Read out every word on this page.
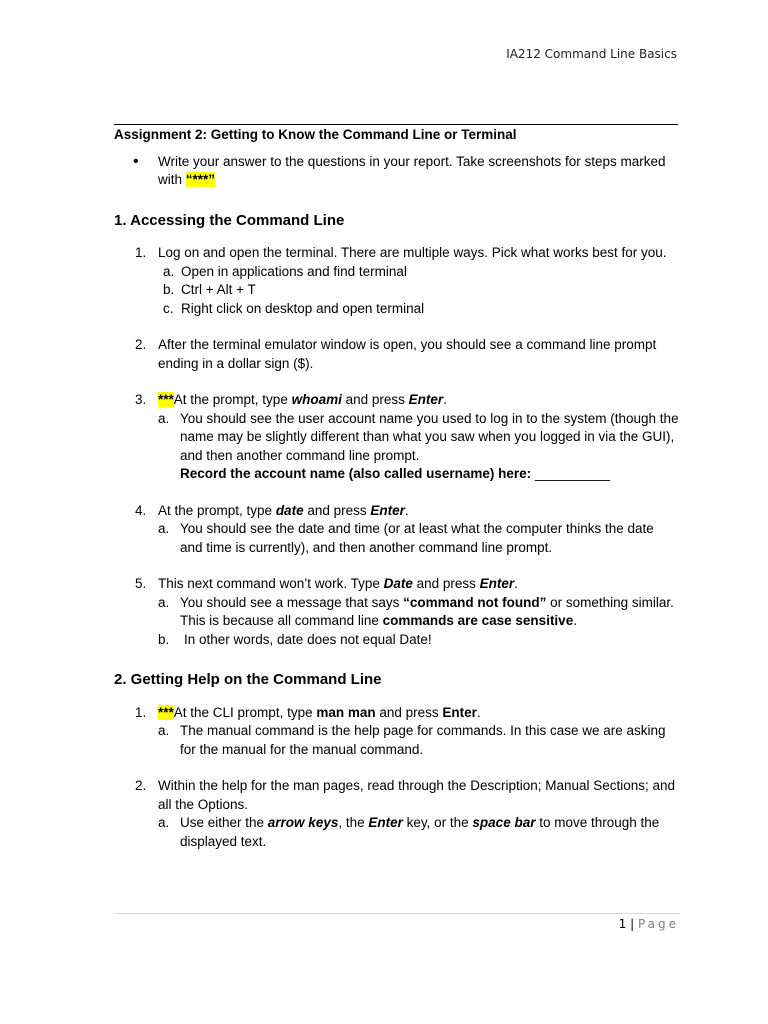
IA212 Command Line Basics
Assignment 2: Getting to Know the Command Line or Terminal
• Write your answer to the questions in your report. Take screenshots for steps marked with “***”
1. Accessing the Command Line
1. Log on and open the terminal. There are multiple ways. Pick what works best for you.
a. Open in applications and find terminal
b. Ctrl + Alt + T
c. Right click on desktop and open terminal
2. After the terminal emulator window is open, you should see a command line prompt ending in a dollar sign ($).
3. ***At the prompt, type whoami and press Enter.
a. You should see the user account name you used to log in to the system (though the name may be slightly different than what you saw when you logged in via the GUI), and then another command line prompt.
Record the account name (also called username) here: __________
4. At the prompt, type date and press Enter.
a. You should see the date and time (or at least what the computer thinks the date and time is currently), and then another command line prompt.
5. This next command won’t work. Type Date and press Enter.
a. You should see a message that says “command not found” or something similar. This is because all command line commands are case sensitive.
b. In other words, date does not equal Date!
2. Getting Help on the Command Line
1. ***At the CLI prompt, type man man and press Enter.
a. The manual command is the help page for commands. In this case we are asking for the manual for the manual command.
2. Within the help for the man pages, read through the Description; Manual Sections; and all the Options.
a. Use either the arrow keys, the Enter key, or the space bar to move through the displayed text.
1 | Page
